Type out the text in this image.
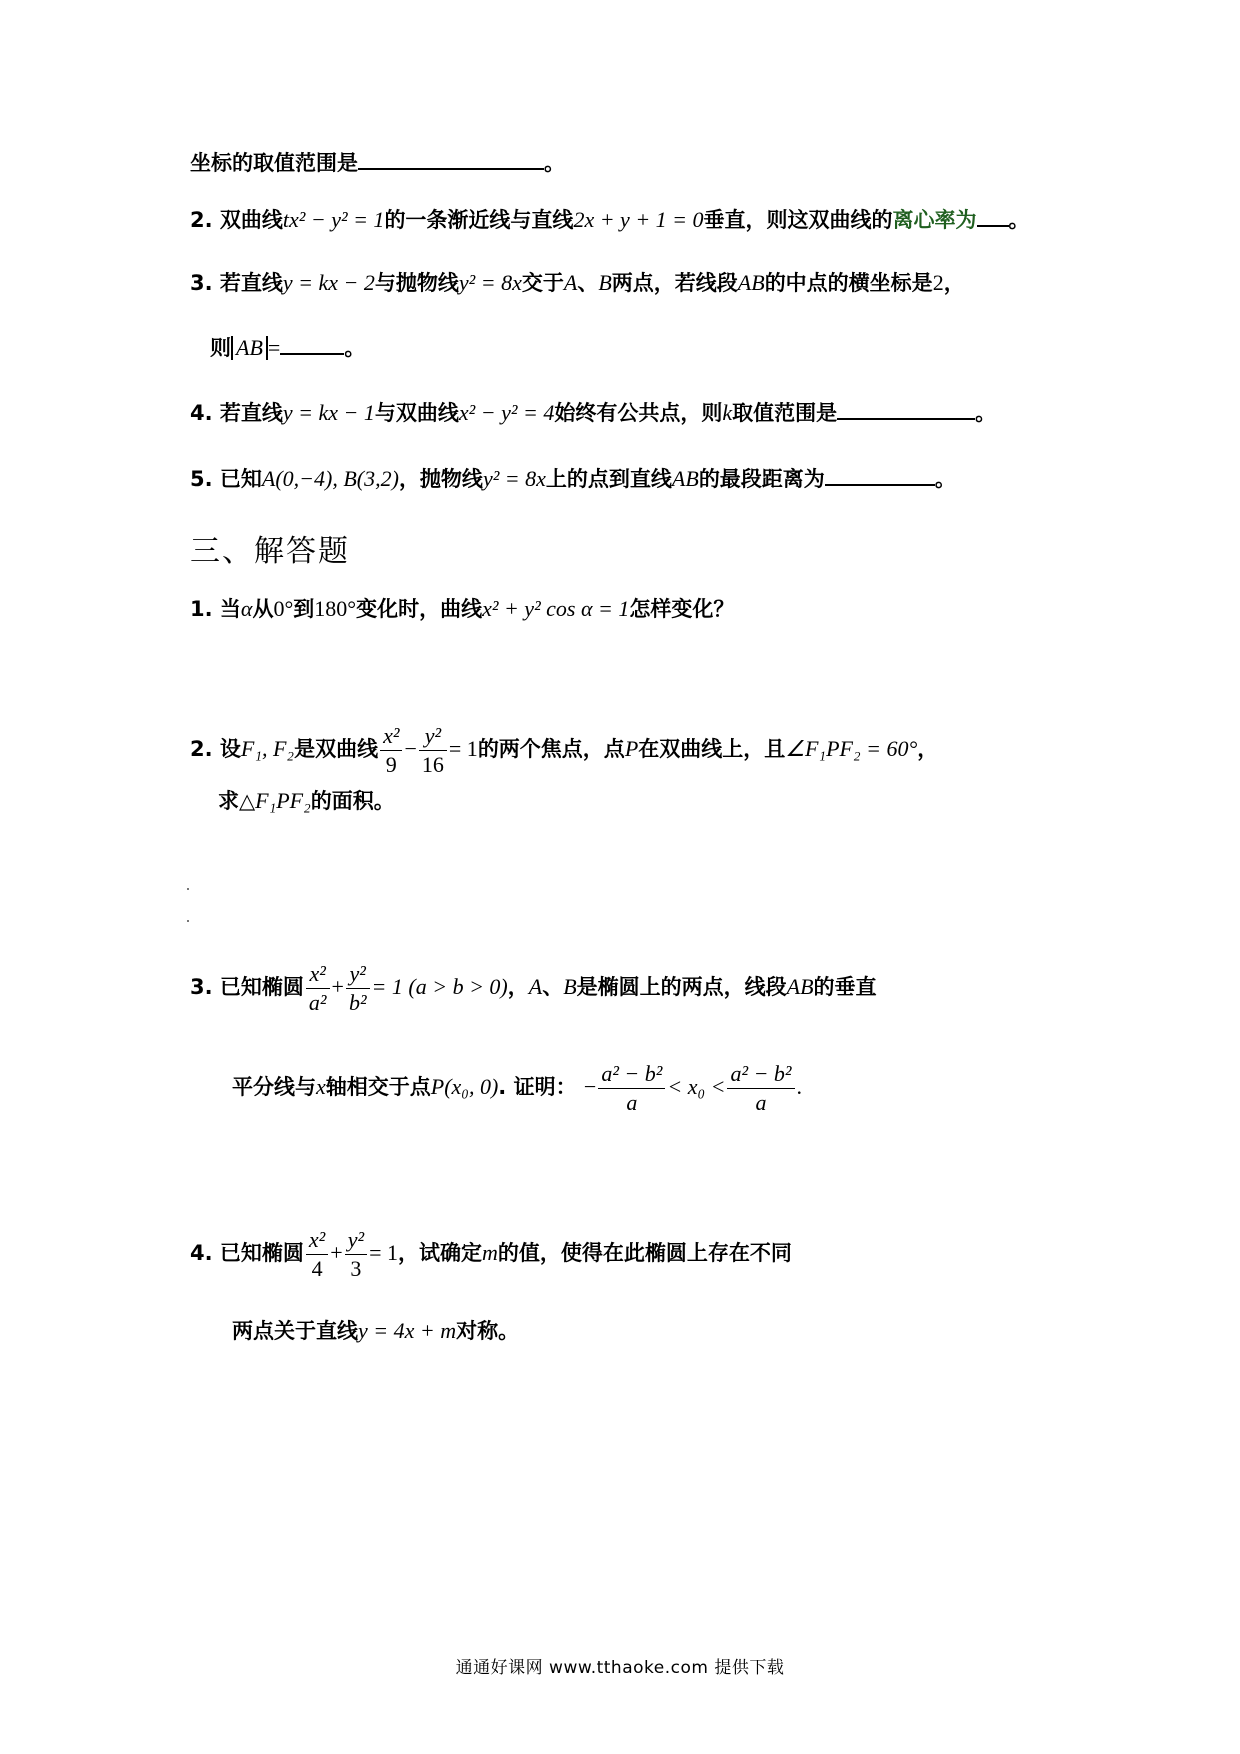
坐标的取值范围是	。
2. 双曲线tx² − y² = 1的一条渐近线与直线2x + y + 1 = 0垂直，则这双曲线的离心率为 。
3. 若直线y = kx − 2与抛物线y² = 8x交于A、B两点，若线段AB的中点的横坐标是2，
则 AB =	。
4. 若直线y = kx − 1与双曲线x² − y² = 4始终有公共点，则k取值范围是	。
5. 已知A(0,−4), B(3,2)，抛物线y² = 8x上的点到直线AB的最段距离为	。
三、解答题
1. 当α从0°到180°变化时，曲线x² + y² cos α = 1怎样变化？
2. 设F₁, F₂是双曲线 $\frac{\text{x²}}{9} - \frac{\text{y²}}{16} = 1$的两个焦点，点P在双曲线上，且∠F₁PF₂ = 60°，
求△F₁PF₂的面积。
3. 已知椭圆 $\frac{\text{x²}}{\text{a²}} + \frac{\text{y²}}{\text{b²}} = 1$ (a > b > 0)，A、B是椭圆上的两点，线段AB的垂直
平分线与x轴相交于点P(x₀, 0). 证明： − $\frac{\text{a² − b²}}{a} < x_0 < \frac{\text{a² − b²}}{a}$ .
4. 已知椭圆 $\frac{\text{x²}}{4} + \frac{\text{y²}}{3} = 1$，试确定m的值，使得在此椭圆上存在不同
两点关于直线y = 4x + m对称。
通通好课网 www.tthaoke.com 提供下载
